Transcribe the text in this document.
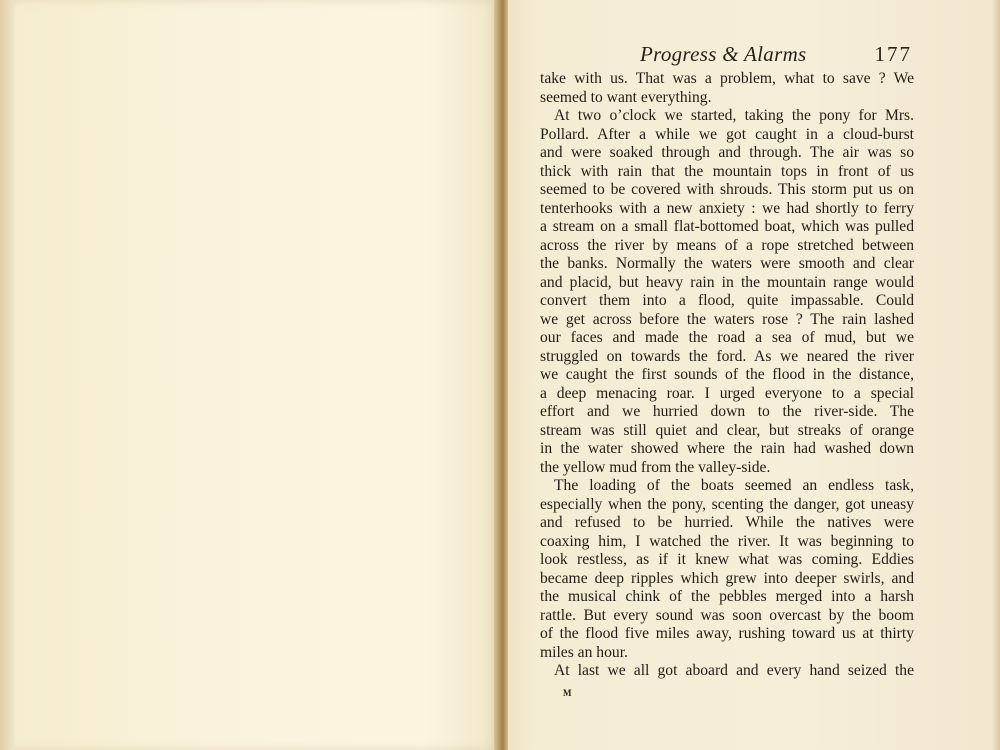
Progress & Alarms	177
take with us. That was a problem, what to save ? We
seemed to want everything.
At two o’clock we started, taking the pony for Mrs.
Pollard. After a while we got caught in a cloud-burst
and were soaked through and through. The air was so
thick with rain that the mountain tops in front of us
seemed to be covered with shrouds. This storm put us on
tenterhooks with a new anxiety : we had shortly to ferry
a stream on a small flat-bottomed boat, which was pulled
across the river by means of a rope stretched between
the banks. Normally the waters were smooth and clear
and placid, but heavy rain in the mountain range would
convert them into a flood, quite impassable. Could
we get across before the waters rose ? The rain lashed
our faces and made the road a sea of mud, but we
struggled on towards the ford. As we neared the river
we caught the first sounds of the flood in the distance,
a deep menacing roar. I urged everyone to a special
effort and we hurried down to the river-side. The
stream was still quiet and clear, but streaks of orange
in the water showed where the rain had washed down
the yellow mud from the valley-side.
The loading of the boats seemed an endless task,
especially when the pony, scenting the danger, got uneasy
and refused to be hurried. While the natives were
coaxing him, I watched the river. It was beginning to
look restless, as if it knew what was coming. Eddies
became deep ripples which grew into deeper swirls, and
the musical chink of the pebbles merged into a harsh
rattle. But every sound was soon overcast by the boom
of the flood five miles away, rushing toward us at thirty
miles an hour.
At last we all got aboard and every hand seized the
M
